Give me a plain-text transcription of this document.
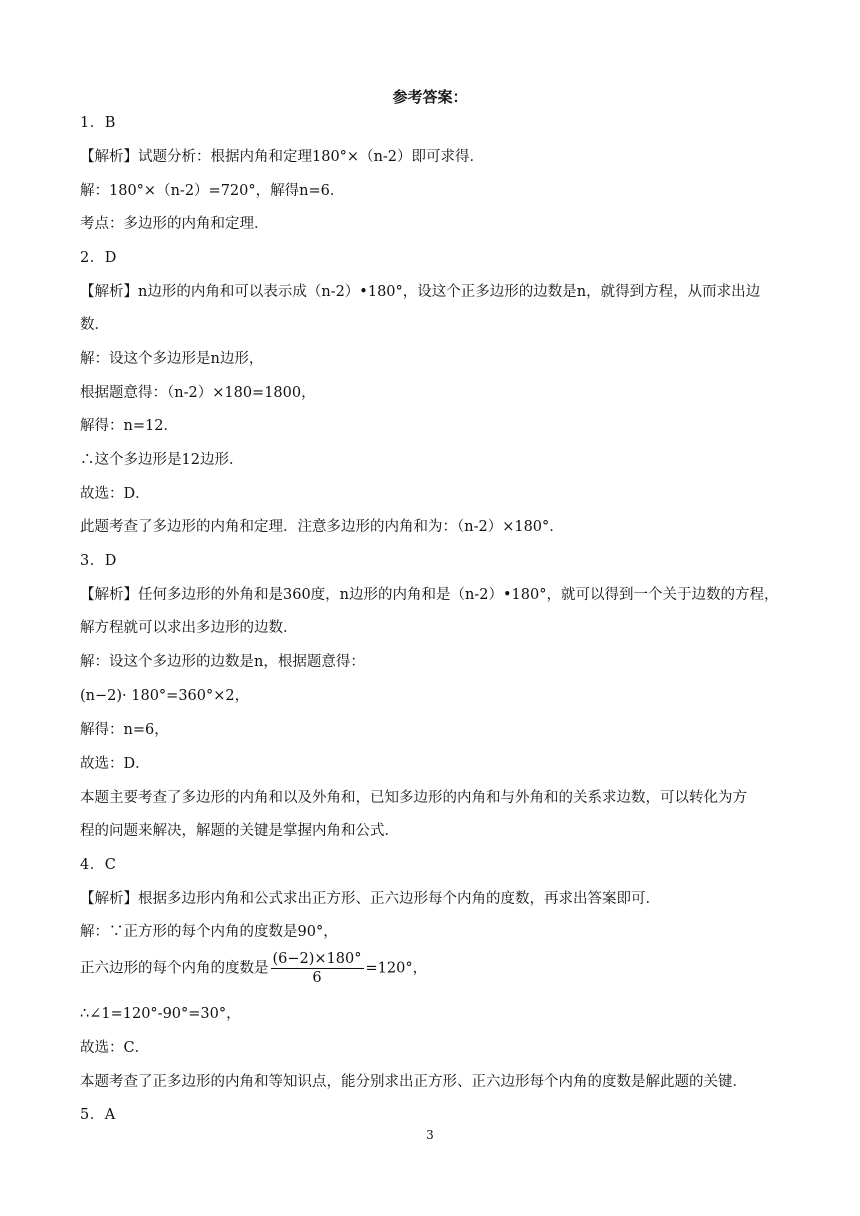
参考答案：
1．B
【解析】试题分析：根据内角和定理180°×（n-2）即可求得．
解：180°×（n-2）=720°，解得n=6．
考点：多边形的内角和定理．
2．D
【解析】n边形的内角和可以表示成（n-2）•180°，设这个正多边形的边数是n，就得到方程，从而求出边
数．
解：设这个多边形是n边形，
根据题意得：（n-2）×180=1800，
解得：n=12．
∴这个多边形是12边形．
故选：D．
此题考查了多边形的内角和定理．注意多边形的内角和为：（n-2）×180°．
3．D
【解析】任何多边形的外角和是360度，n边形的内角和是（n-2）•180°，就可以得到一个关于边数的方程，
解方程就可以求出多边形的边数．
解：设这个多边形的边数是n，根据题意得：
(n−2)· 180°=360°×2，
解得：n=6，
故选：D．
本题主要考查了多边形的内角和以及外角和，已知多边形的内角和与外角和的关系求边数，可以转化为方
程的问题来解决，解题的关键是掌握内角和公式．
4．C
【解析】根据多边形内角和公式求出正方形、正六边形每个内角的度数，再求出答案即可．
解：∵正方形的每个内角的度数是90°，
正六边形的每个内角的度数是 $\frac{(6-2)\times 180^\circ}{6} =120^\circ$，
∴∠1=120°-90°=30°，
故选：C．
本题考查了正多边形的内角和等知识点，能分别求出正方形、正六边形每个内角的度数是解此题的关键．
5．A
3
